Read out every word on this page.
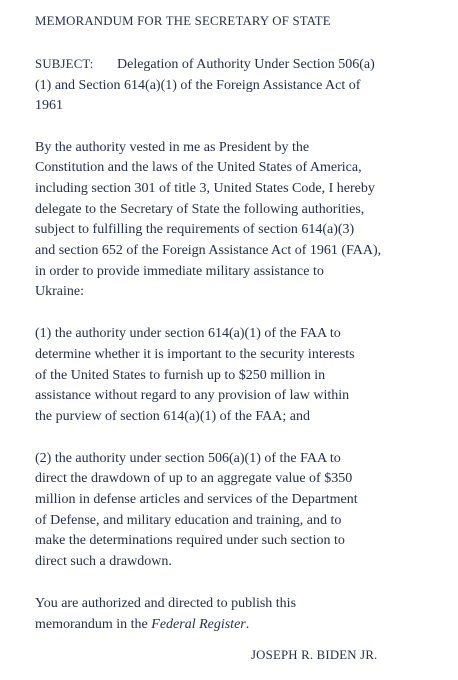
MEMORANDUM FOR THE SECRETARY OF STATE

SUBJECT: Delegation of Authority Under Section 506(a)
(1) and Section 614(a)(1) of the Foreign Assistance Act of
1961

By the authority vested in me as President by the
Constitution and the laws of the United States of America,
including section 301 of title 3, United States Code, I hereby
delegate to the Secretary of State the following authorities,
subject to fulfilling the requirements of section 614(a)(3)
and section 652 of the Foreign Assistance Act of 1961 (FAA),
in order to provide immediate military assistance to
Ukraine:

(1) the authority under section 614(a)(1) of the FAA to
determine whether it is important to the security interests
of the United States to furnish up to $250 million in
assistance without regard to any provision of law within
the purview of section 614(a)(1) of the FAA; and

(2) the authority under section 506(a)(1) of the FAA to
direct the drawdown of up to an aggregate value of $350
million in defense articles and services of the Department
of Defense, and military education and training, and to
make the determinations required under such section to
direct such a drawdown.

You are authorized and directed to publish this
memorandum in the Federal Register.

JOSEPH R. BIDEN JR.
